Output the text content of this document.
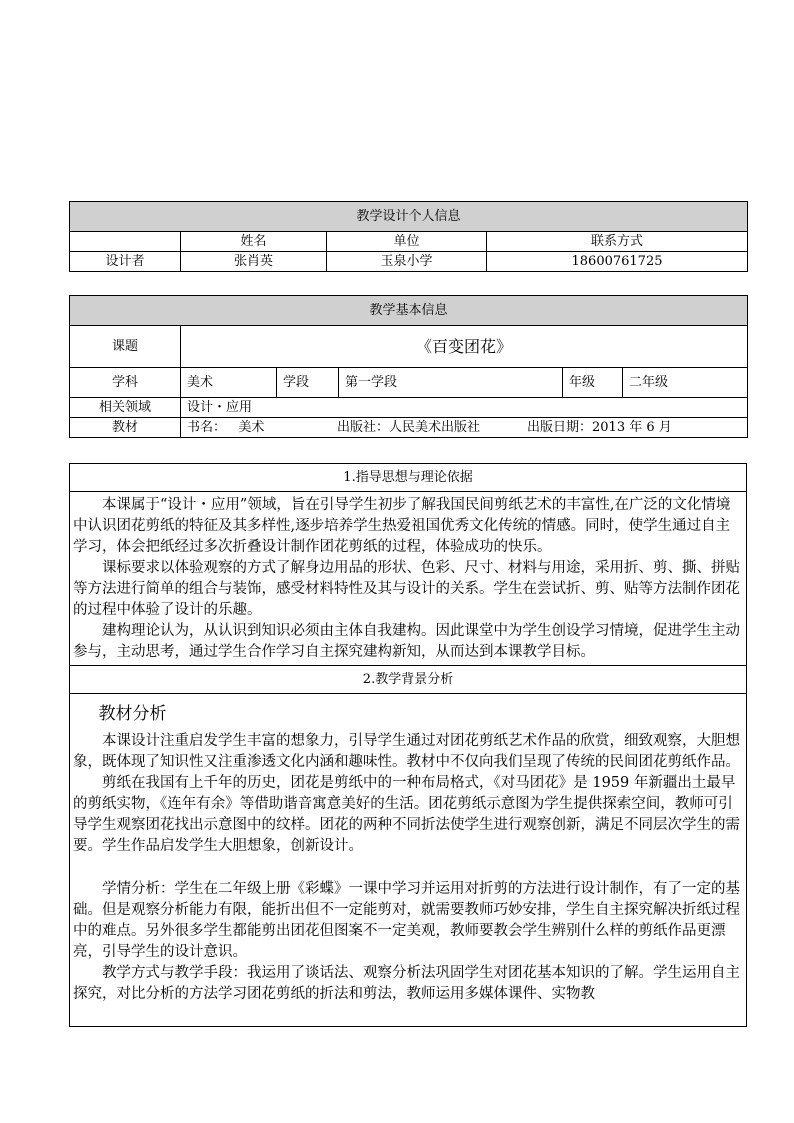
教学设计个人信息			
	姓名	单位	联系方式
设计者	张肖英	玉泉小学	18600761725
教学基本信息					
课题	《百变团花》				
学科	美术	学段	第一学段	年级	二年级
相关领域	设计・应用				
教材	书名：   美术 出版社：人民美术出版社 出版日期：2013 年 6 月				
1.指导思想与理论依据

本课属于“设计・应用”领域，旨在引导学生初步了解我国民间剪纸艺术的丰富性,在广泛的文化情境中认识团花剪纸的特征及其多样性,逐步培养学生热爱祖国优秀文化传统的情感。同时，使学生通过自主学习，体会把纸经过多次折叠设计制作团花剪纸的过程，体验成功的快乐。

课标要求以体验观察的方式了解身边用品的形状、色彩、尺寸、材料与用途，采用折、剪、撕、拼贴等方法进行简单的组合与装饰，感受材料特性及其与设计的关系。学生在尝试折、剪、贴等方法制作团花的过程中体验了设计的乐趣。

建构理论认为，从认识到知识必须由主体自我建构。因此课堂中为学生创设学习情境，促进学生主动参与，主动思考，通过学生合作学习自主探究建构新知，从而达到本课教学目标。

2.教学背景分析

教材分析

本课设计注重启发学生丰富的想象力，引导学生通过对团花剪纸艺术作品的欣赏，细致观察，大胆想象，既体现了知识性又注重渗透文化内涵和趣味性。教材中不仅向我们呈现了传统的民间团花剪纸作品。

剪纸在我国有上千年的历史，团花是剪纸中的一种布局格式，《对马团花》是 1959 年新疆出土最早的剪纸实物，《连年有余》等借助谐音寓意美好的生活。团花剪纸示意图为学生提供探索空间，教师可引导学生观察团花找出示意图中的纹样。团花的两种不同折法使学生进行观察创新，满足不同层次学生的需要。学生作品启发学生大胆想象，创新设计。

学情分析：学生在二年级上册《彩蝶》一课中学习并运用对折剪的方法进行设计制作，有了一定的基础。但是观察分析能力有限，能折出但不一定能剪对，就需要教师巧妙安排，学生自主探究解决折纸过程中的难点。另外很多学生都能剪出团花但图案不一定美观，教师要教会学生辨别什么样的剪纸作品更漂亮，引导学生的设计意识。

教学方式与教学手段：我运用了谈话法、观察分析法巩固学生对团花基本知识的了解。学生运用自主探究，对比分析的方法学习团花剪纸的折法和剪法，教师运用多媒体课件、实物教
